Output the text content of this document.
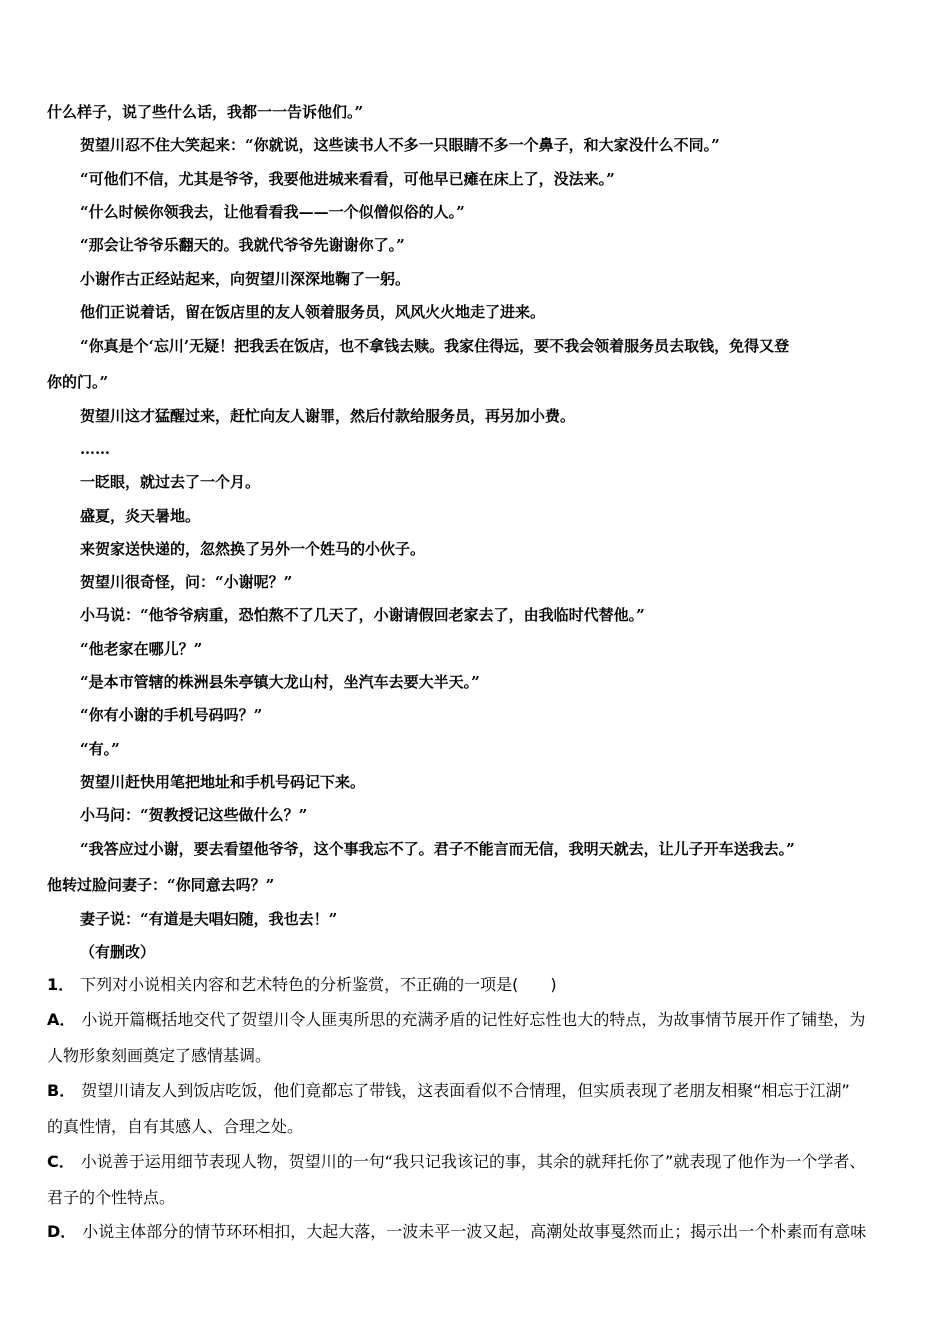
什么样子，说了些什么话，我都一一告诉他们。”
贺望川忍不住大笑起来：“你就说，这些读书人不多一只眼睛不多一个鼻子，和大家没什么不同。”
“可他们不信，尤其是爷爷，我要他进城来看看，可他早已瘫在床上了，没法来。”
“什么时候你领我去，让他看看我——一个似僧似俗的人。”
“那会让爷爷乐翻天的。我就代爷爷先谢谢你了。”
小谢作古正经站起来，向贺望川深深地鞠了一躬。
他们正说着话，留在饭店里的友人领着服务员，风风火火地走了进来。
“你真是个‘忘川’无疑！把我丢在饭店，也不拿钱去赎。我家住得远，要不我会领着服务员去取钱，免得又登
你的门。”
贺望川这才猛醒过来，赶忙向友人谢罪，然后付款给服务员，再另加小费。
……
一眨眼，就过去了一个月。
盛夏，炎天暑地。
来贺家送快递的，忽然换了另外一个姓马的小伙子。
贺望川很奇怪，问：“小谢呢？”
小马说：“他爷爷病重，恐怕熬不了几天了，小谢请假回老家去了，由我临时代替他。”
“他老家在哪儿？”
“是本市管辖的株洲县朱亭镇大龙山村，坐汽车去要大半天。”
“你有小谢的手机号码吗？”
“有。”
贺望川赶快用笔把地址和手机号码记下来。
小马问：“贺教授记这些做什么？”
“我答应过小谢，要去看望他爷爷，这个事我忘不了。君子不能言而无信，我明天就去，让儿子开车送我去。”
他转过脸问妻子：“你同意去吗？”
妻子说：“有道是夫唱妇随，我也去！”
（有删改）
1． 下列对小说相关内容和艺术特色的分析鉴赏，不正确的一项是(　　)
A． 小说开篇概括地交代了贺望川令人匪夷所思的充满矛盾的记性好忘性也大的特点，为故事情节展开作了铺垫，为
人物形象刻画奠定了感情基调。
B． 贺望川请友人到饭店吃饭，他们竟都忘了带钱，这表面看似不合情理，但实质表现了老朋友相聚“相忘于江湖”
的真性情，自有其感人、合理之处。
C． 小说善于运用细节表现人物，贺望川的一句“我只记我该记的事，其余的就拜托你了”就表现了他作为一个学者、
君子的个性特点。
D． 小说主体部分的情节环环相扣，大起大落，一波未平一波又起，高潮处故事戛然而止；揭示出一个朴素而有意味
